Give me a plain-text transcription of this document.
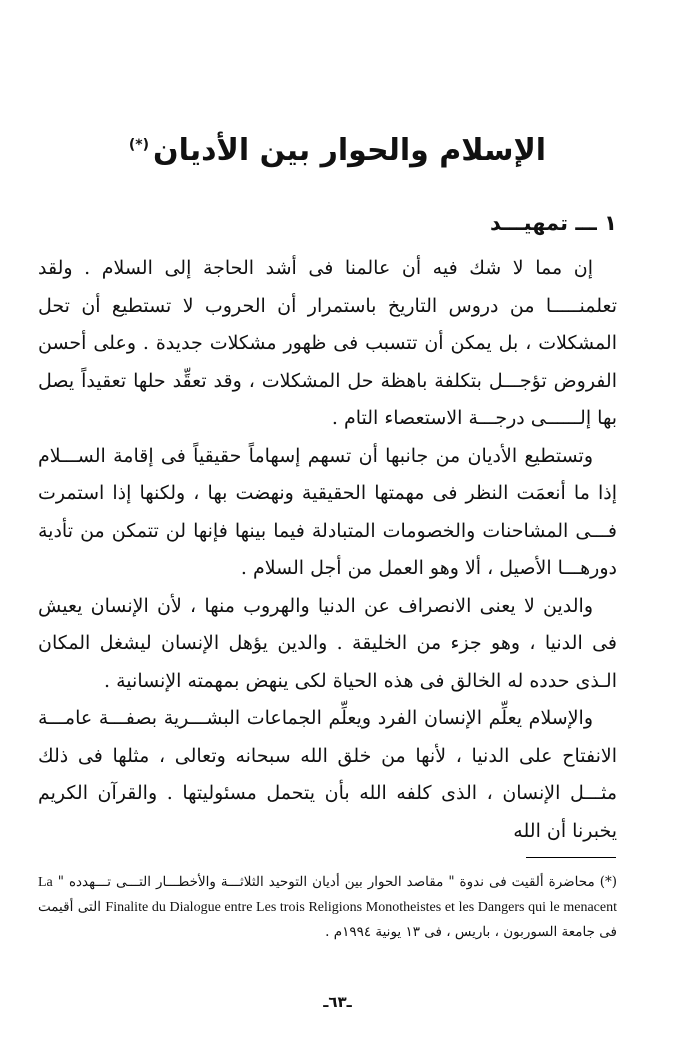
الإسلام والحوار بين الأديان(*)
١ ـــ تمهيـــد

إن مما لا شك فيه أن عالمنا فى أشد الحاجة إلى السلام . ولقد تعلمنـــــا من دروس التاريخ باستمرار أن الحروب لا تستطيع أن تحل المشكلات ، بل يمكن أن تتسبب فى ظهور مشكلات جديدة . وعلى أحسن الفروض تؤجـــل بتكلفة باهظة حل المشكلات ، وقد تعقِّد حلها تعقيداً يصل بها إلــــــى درجـــة الاستعصاء التام .

وتستطيع الأديان من جانبها أن تسهم إسهاماً حقيقياً فى إقامة الســـلام إذا ما أنعمَت النظر فى مهمتها الحقيقية ونهضت بها ، ولكنها إذا استمرت فـــى المشاحنات والخصومات المتبادلة فيما بينها فإنها لن تتمكن من تأدية دورهـــا الأصيل ، ألا وهو العمل من أجل السلام .

والدين لا يعنى الانصراف عن الدنيا والهروب منها ، لأن الإنسان يعيش فى الدنيا ، وهو جزء من الخليقة . والدين يؤهل الإنسان ليشغل المكان الـذى حدده له الخالق فى هذه الحياة لكى ينهض بمهمته الإنسانية .

والإسلام يعلِّم الإنسان الفرد ويعلِّم الجماعات البشـــرية بصفـــة عامـــة الانفتاح على الدنيا ، لأنها من خلق الله سبحانه وتعالى ، مثلها فى ذلك مثـــل الإنسان ، الذى كلفه الله بأن يتحمل مسئوليتها . والقرآن الكريم يخبرنا أن الله

(*) محاضرة ألقيت فى ندوة " مقاصد الحوار بين أديان التوحيد الثلاثـــة والأخطـــار التـــى تـــهدده " La Finalite du Dialogue entre Les trois Religions Monotheistes et les Dangers qui le menacent التى أقيمت فى جامعة السوربون ، باريس ، فى ١٣ يونية ١٩٩٤م .
ـ٦٣ـ
